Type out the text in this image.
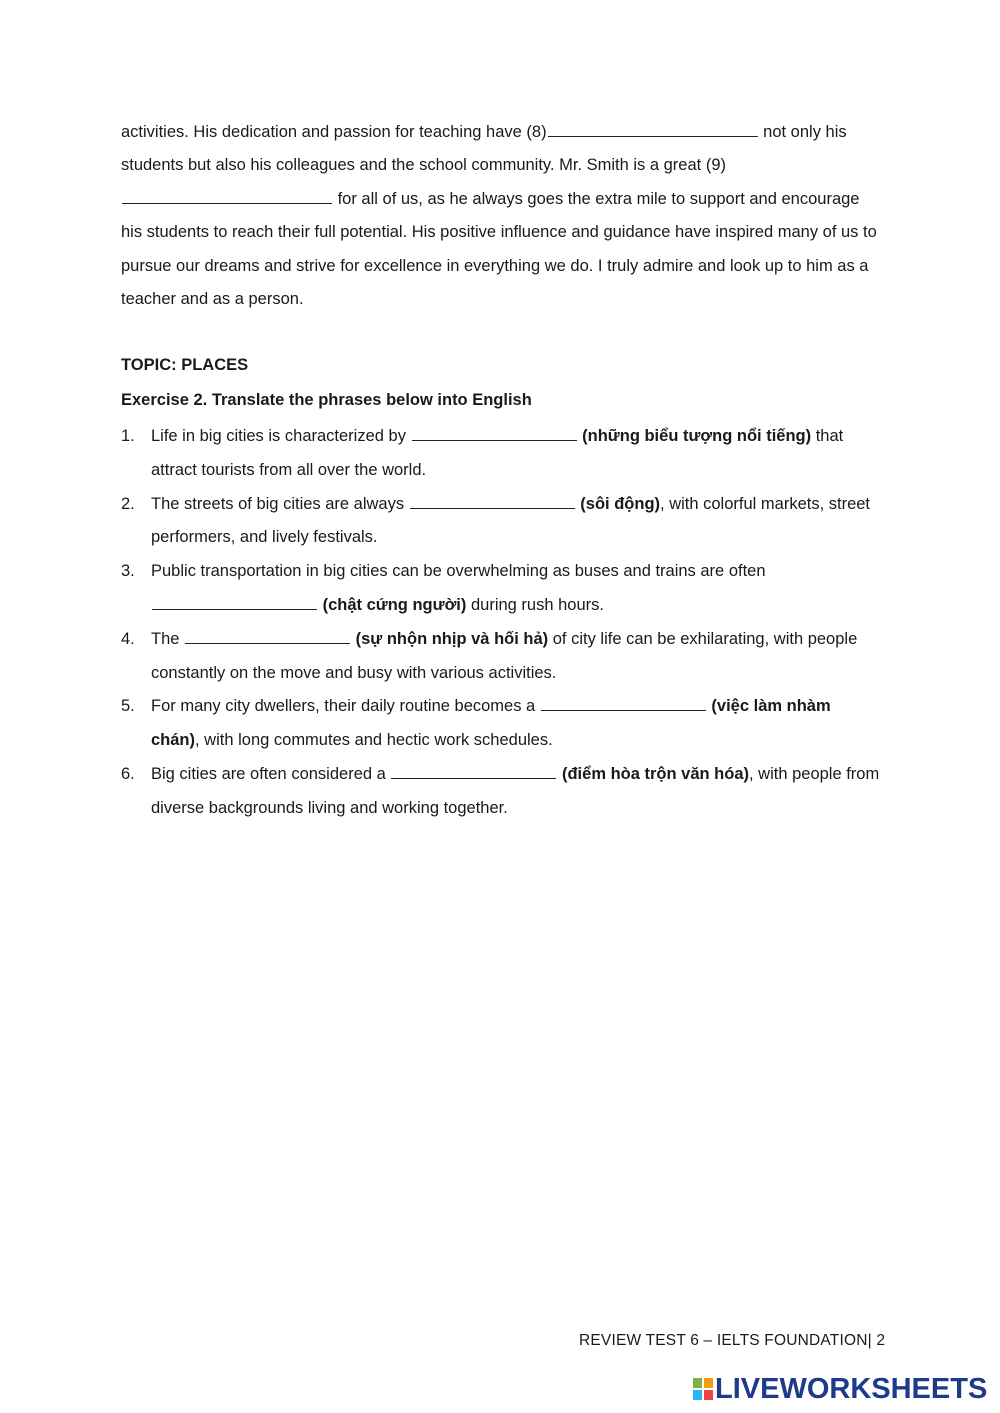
activities. His dedication and passion for teaching have (8)	not only his students but also his colleagues and the school community. Mr. Smith is a great (9) for all of us, as he always goes the extra mile to support and encourage his students to reach their full potential. His positive influence and guidance have inspired many of us to pursue our dreams and strive for excellence in everything we do. I truly admire and look up to him as a teacher and as a person.

TOPIC: PLACES

Exercise 2. Translate the phrases below into English

1. Life in big cities is characterized by	(những biểu tượng nổi tiếng) that attract tourists from all over the world.
2. The streets of big cities are always	(sôi động), with colorful markets, street performers, and lively festivals.
3. Public transportation in big cities can be overwhelming as buses and trains are often  (chật cứng người) during rush hours.
4. The	(sự nhộn nhịp và hối hả) of city life can be exhilarating, with people constantly on the move and busy with various activities.
5. For many city dwellers, their daily routine becomes a	(việc làm nhàm chán), with long commutes and hectic work schedules.
6. Big cities are often considered a	(điểm hòa trộn văn hóa), with people from diverse backgrounds living and working together.
REVIEW TEST 6 – IELTS FOUNDATION| 2
LIVEWORKSHEETS
